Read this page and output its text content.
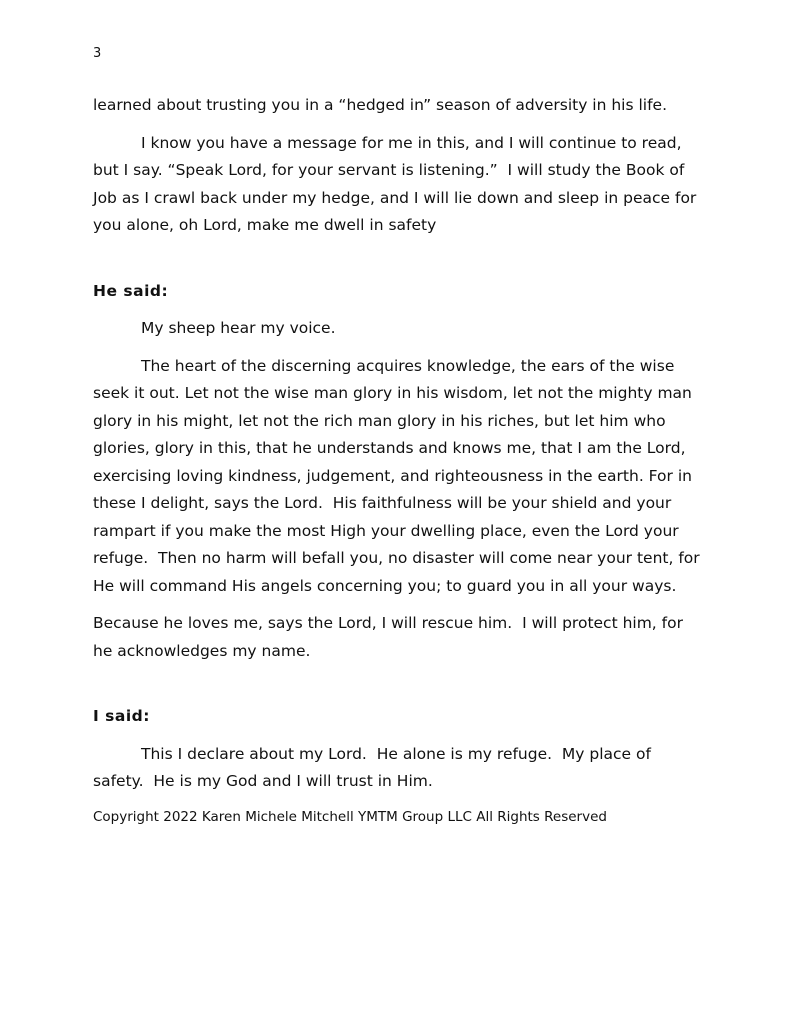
3

learned about trusting you in a “hedged in” season of adversity in his life.

I know you have a message for me in this, and I will continue to read, but I say. “Speak Lord, for your servant is listening.”  I will study the Book of Job as I crawl back under my hedge, and I will lie down and sleep in peace for you alone, oh Lord, make me dwell in safety

He said:

My sheep hear my voice.

The heart of the discerning acquires knowledge, the ears of the wise seek it out. Let not the wise man glory in his wisdom, let not the mighty man glory in his might, let not the rich man glory in his riches, but let him who glories, glory in this, that he understands and knows me, that I am the Lord, exercising loving kindness, judgement, and righteousness in the earth. For in these I delight, says the Lord.  His faithfulness will be your shield and your rampart if you make the most High your dwelling place, even the Lord your refuge.  Then no harm will befall you, no disaster will come near your tent, for He will command His angels concerning you; to guard you in all your ways.

Because he loves me, says the Lord, I will rescue him.  I will protect him, for he acknowledges my name.

I said:

This I declare about my Lord.  He alone is my refuge.  My place of safety.  He is my God and I will trust in Him.

Copyright 2022 Karen Michele Mitchell YMTM Group LLC All Rights Reserved
